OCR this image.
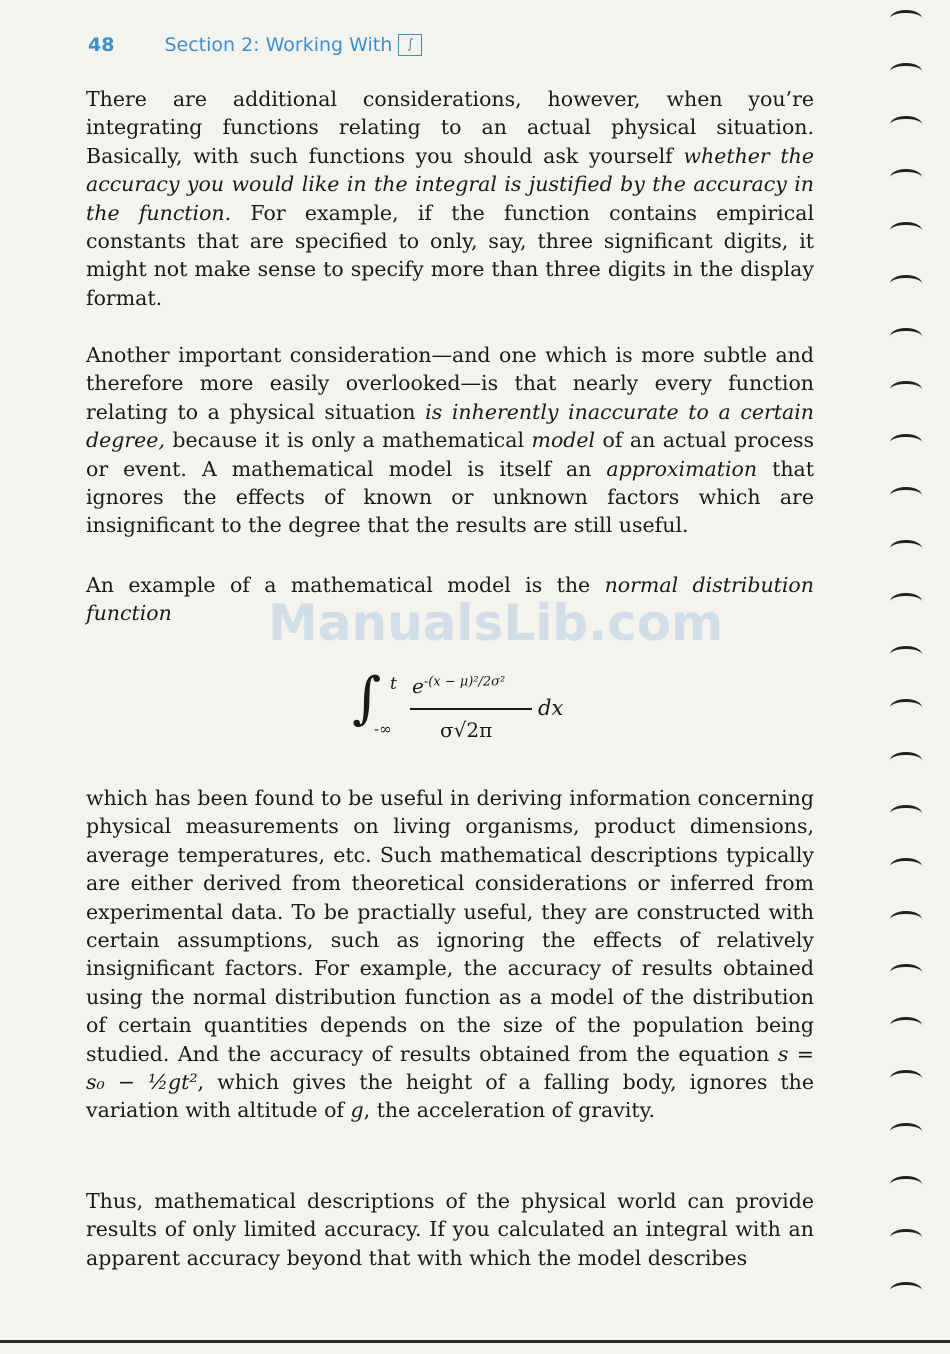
48	Section 2: Working With	∫

There are additional considerations, however, when you’re integrating functions relating to an actual physical situation. Basically, with such functions you should ask yourself whether the accuracy you would like in the integral is justified by the accuracy in the function. For example, if the function contains empirical constants that are specified to only, say, three significant digits, it might not make sense to specify more than three digits in the display format.

Another important consideration—and one which is more subtle and therefore more easily overlooked—is that nearly every function relating to a physical situation is inherently inaccurate to a certain degree, because it is only a mathematical model of an actual process or event. A mathematical model is itself an approximation that ignores the effects of known or unknown factors which are insignificant to the degree that the results are still useful.

An example of a mathematical model is the normal distribution function	ManualsLib.com
∫ t
-∞
$e^{-(x - \mu)^2/2\sigma^2}$
σ√2π
dx

which has been found to be useful in deriving information concerning physical measurements on living organisms, product dimensions, average temperatures, etc. Such mathematical descriptions typically are either derived from theoretical considerations or inferred from experimental data. To be practially useful, they are constructed with certain assumptions, such as ignoring the effects of relatively insignificant factors. For example, the accuracy of results obtained using the normal distribution function as a model of the distribution of certain quantities depends on the size of the population being studied. And the accuracy of results obtained from the equation s = s₀ − ½gt², which gives the height of a falling body, ignores the variation with altitude of g, the acceleration of gravity.

Thus, mathematical descriptions of the physical world can provide results of only limited accuracy. If you calculated an integral with an apparent accuracy beyond that with which the model describes
